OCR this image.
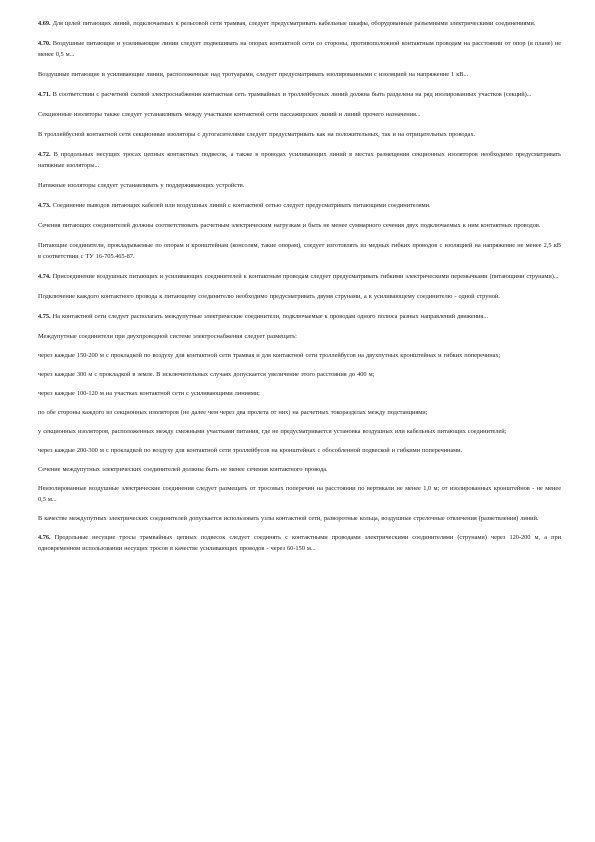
4.69. Для целей питающих линий, подключаемых к рельсовой сети трамвая, следует предусматривать кабельные шкафы, оборудованные разъемными электрическими соединениями.

4.70. Воздушные питающие и усиливающие линии следует подвешивать на опорах контактной сети со стороны, противоположной контактным проводам на расстоянии от опор (в плане) не менее 0,5 м...

Воздушные питающие и усиливающие линии, расположенные над тротуарами, следует предусматривать изолированными с изоляцией на напряжение 1 кВ...

4.71. В соответствии с расчетной схемой электроснабжения контактная сеть трамвайных и троллейбусных линий должна быть разделена на ряд изолированных участков (секций)...

Секционные изоляторы также следует устанавливать между участками контактной сети пассажирских линий и линий прочего назначения...

В троллейбусной контактной сети секционные изоляторы с дугогасителями следует предусматривать как на положительных, так и на отрицательных проводах.

4.72. В продольных несущих тросах цепных контактных подвесок, а также в проводах усиливающих линий в местах размещения секционных изоляторов необходимо предусматривать натяжные изоляторы...

Натяжные изоляторы следует устанавливать у поддерживающих устройств.

4.73. Соединение выводов питающих кабелей или воздушных линий с контактной сетью следует предусматривать питающими соединителями.

Сечения питающих соединителей должны соответствовать расчетным электрическим нагрузкам и быть не менее суммарного сечения двух подключаемых к ним контактных проводов.

Питающие соединители, прокладываемые по опорам и кронштейнам (консолям, такие опорам), следует изготовлять из медных гибких проводов с изоляцией на напряжение не менее 2,5 кВ в соответствии с ТУ 16-705.465-87.

4.74. Присоединение воздушных питающих и усиливающих соединителей к контактным проводам следует предусматривать гибкими электрическими перемычками (питающими струнами)...

Подключение каждого контактного провода к питающему соединителю необходимо предусматривать двумя струнами, а к усиливающему соединителю - одной струной.

4.75. На контактной сети следует располагать междупутные электрические соединители, подключаемые к проводам одного полюса разных направлений движения...

Междупутные соединители при двухпроводной системе электроснабжения следует размещать:

через каждые 150-200 м с прокладкой по воздуху для контактной сети трамвая и для контактной сети троллейбусов на двухпутных кронштейнах и гибких поперечинах;

через каждые 300 м с прокладкой в земле. В исключительных случаях допускается увеличение этого расстояния до 400 м;

через каждые 100-120 м на участках контактной сети с усиливающими линиями;

по обе стороны каждого из секционных изоляторов (не далее чем через два пролета от них) на расчетных токоразделах между подстанциями;

у секционных изоляторов, расположенных между смежными участками питания, где не предусматривается установка воздушных или кабельных питающих соединителей;

через каждые 200-300 м с прокладкой по воздуху для контактной сети троллейбусов на кронштейнах с обособленной подвеской и гибкими поперечинами.

Сечение междупутных электрических соединителей должны быть не менее сечения контактного провода.

Неизолированные воздушные электрические соединения следует размещать от тросовых поперечин на расстоянии по вертикали не менее 1,0 м; от изолированных кронштейнов - не менее 0,5 м...

В качестве междупутных электрических соединителей допускается использовать узлы контактной сети, разворотные кольца, воздушные стрелочные отвлечения (разветвления) линий.

4.76. Продольные несущие тросы трамвайных цепных подвесок следует соединять с контактными проводами электрическими соединителями (струнами) через 120-200 м, а при одновременном использовании несущих тросов в качестве усиливающих проводов - через 60-150 м...
